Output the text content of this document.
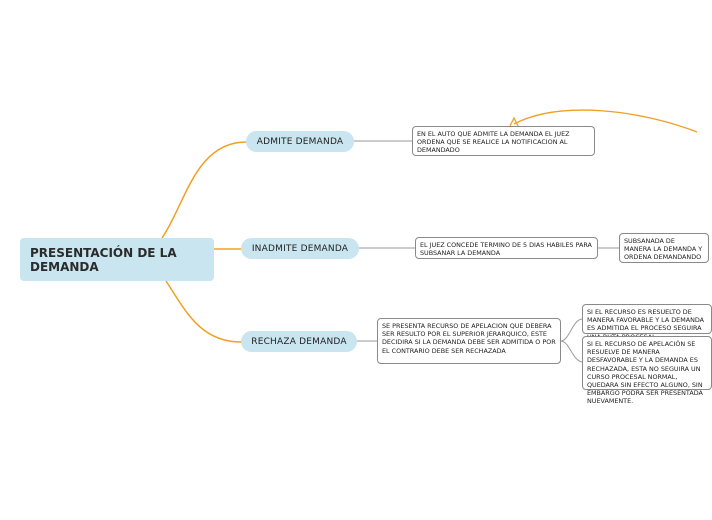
PRESENTACIÓN DE LA DEMANDA
ADMITE DEMANDA
INADMITE DEMANDA
RECHAZA DEMANDA
EN EL AUTO QUE ADMITE LA DEMANDA EL JUEZ ORDENA QUE SE REALICE LA NOTIFICACION AL DEMANDADO
EL JUEZ CONCEDE TERMINO DE 5 DIAS HABILES PARA SUBSANAR LA DEMANDA
SUBSANADA DE MANERA LA DEMANDA Y ORDENA DEMANDANDO
SE PRESENTA RECURSO DE APELACION QUE DEBERA SER RESULTO POR EL SUPERIOR JERARQUICO, ESTE DECIDIRA SI LA DEMANDA DEBE SER ADMITIDA O POR EL CONTRARIO DEBE SER RECHAZADA
SI EL RECURSO ES RESUELTO DE MANERA FAVORABLE Y LA DEMANDA ES ADMITIDA EL PROCESO SEGUIRA
SI EL RECURSO DE APELACIÓN SE RESUELVE DE MANERA DESFAVORABLE Y LA DEMANDA ES RECHAZADA, ESTA NO SEGUIRA UN CURSO PROCESAL NORMAL, QUEDARA SIN EFECTO ALGUNO, SIN EMBARGO PODRA SER PRESENTADA NUEVAMENTE.
